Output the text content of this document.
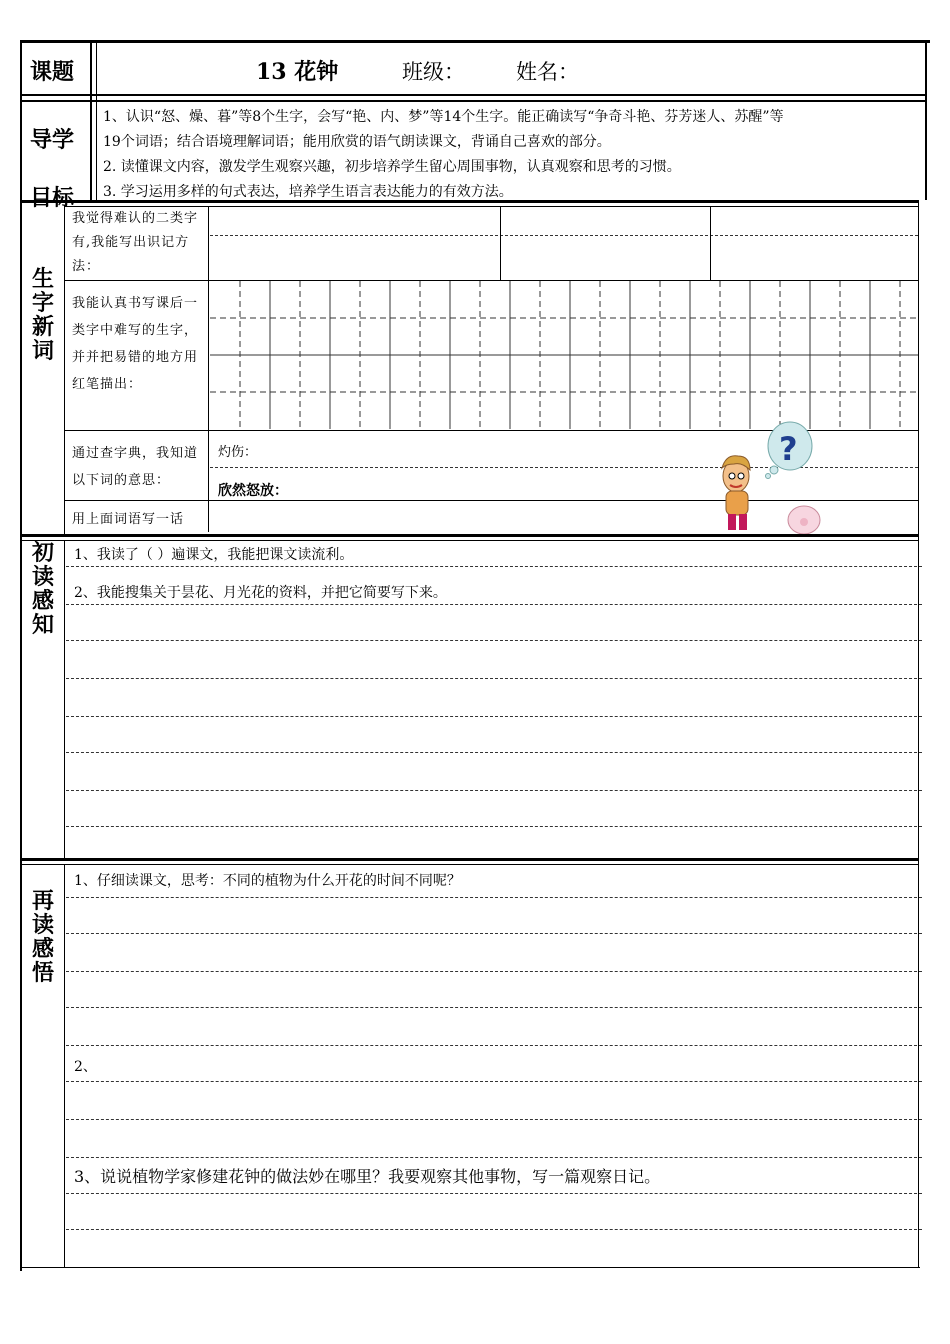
课题	13 花钟	班级： 姓名：
导学
目标
1、认识“怒、燥、暮”等8个生字，会写“艳、内、梦”等14个生字。能正确读写“争奇斗艳、芬芳迷人、苏醒”等
19个词语；结合语境理解词语；能用欣赏的语气朗读课文，背诵自己喜欢的部分。
2. 读懂课文内容，激发学生观察兴趣，初步培养学生留心周围事物，认真观察和思考的习惯。
3. 学习运用多样的句式表达，培养学生语言表达能力的有效方法。
生字新词
我觉得难认的二类字有,我能写出识记方法：
我能认真书写课后一类字中难写的生字，并并把易错的地方用红笔描出：
通过查字典，我知道以下词的意思：
灼伤：
欣然怒放：
用上面词语写一话
?
初读感知
1、我读了（ ）遍课文，我能把课文读流利。
2、我能搜集关于昙花、月光花的资料，并把它简要写下来。
再读感悟
1、仔细读课文，思考：不同的植物为什么开花的时间不同呢？
2、
3、说说植物学家修建花钟的做法妙在哪里？我要观察其他事物，写一篇观察日记。
